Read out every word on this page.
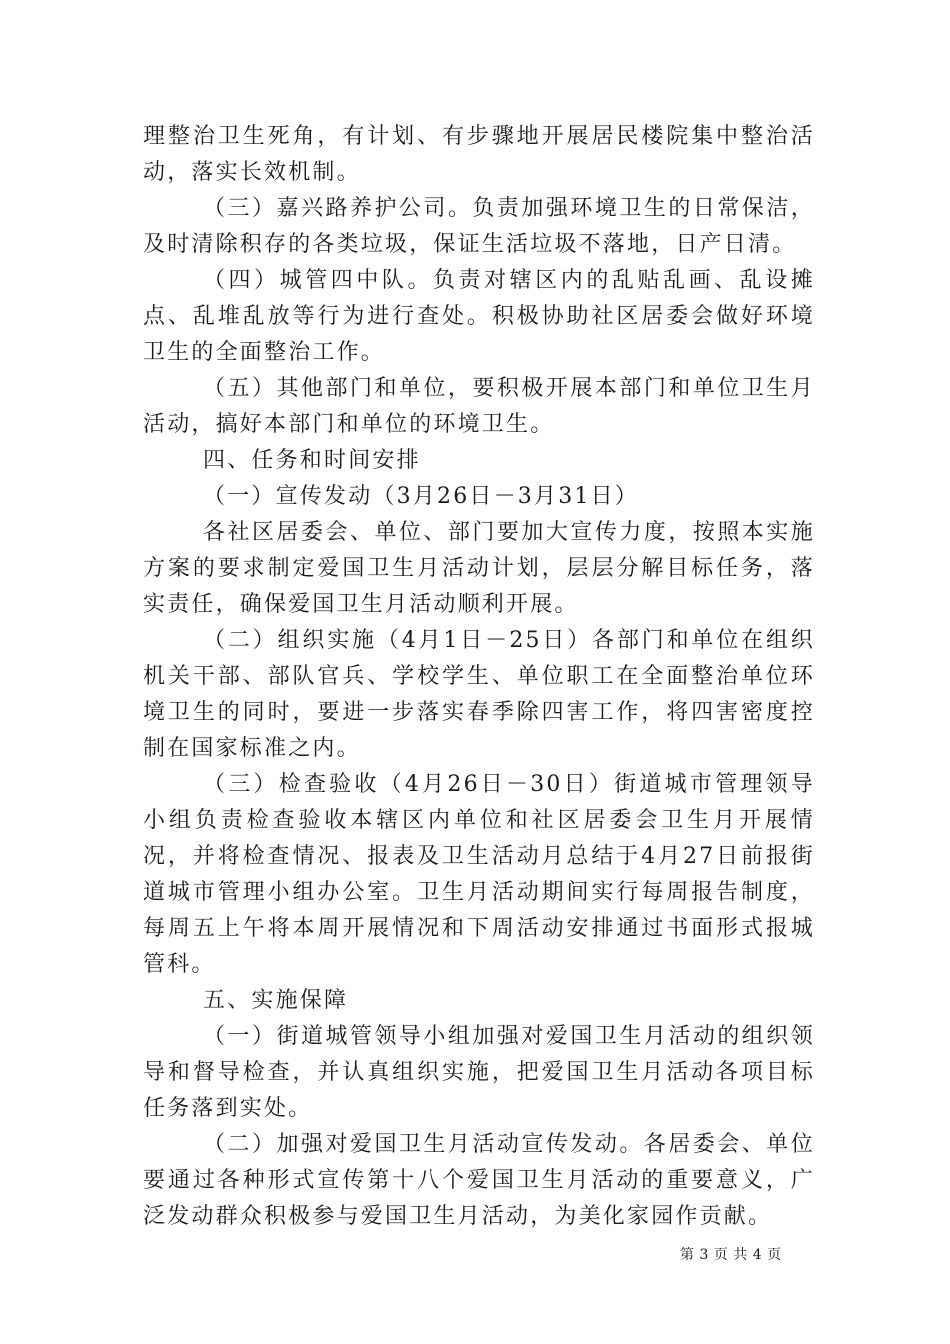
理整治卫生死角，有计划、有步骤地开展居民楼院集中整治活动，落实长效机制。

（三）嘉兴路养护公司。负责加强环境卫生的日常保洁，及时清除积存的各类垃圾，保证生活垃圾不落地，日产日清。

（四）城管四中队。负责对辖区内的乱贴乱画、乱设摊点、乱堆乱放等行为进行查处。积极协助社区居委会做好环境卫生的全面整治工作。

（五）其他部门和单位，要积极开展本部门和单位卫生月活动，搞好本部门和单位的环境卫生。

四、任务和时间安排

（一）宣传发动（3月26日－3月31日）

各社区居委会、单位、部门要加大宣传力度，按照本实施方案的要求制定爱国卫生月活动计划，层层分解目标任务，落实责任，确保爱国卫生月活动顺利开展。

（二）组织实施（4月1日－25日）各部门和单位在组织机关干部、部队官兵、学校学生、单位职工在全面整治单位环境卫生的同时，要进一步落实春季除四害工作，将四害密度控制在国家标准之内。

（三）检查验收（4月26日－30日）街道城市管理领导小组负责检查验收本辖区内单位和社区居委会卫生月开展情况，并将检查情况、报表及卫生活动月总结于4月27日前报街道城市管理小组办公室。卫生月活动期间实行每周报告制度，每周五上午将本周开展情况和下周活动安排通过书面形式报城管科。

五、实施保障

（一）街道城管领导小组加强对爱国卫生月活动的组织领导和督导检查，并认真组织实施，把爱国卫生月活动各项目标任务落到实处。

（二）加强对爱国卫生月活动宣传发动。各居委会、单位要通过各种形式宣传第十八个爱国卫生月活动的重要意义，广泛发动群众积极参与爱国卫生月活动，为美化家园作贡献。

第 3 页 共 4 页
